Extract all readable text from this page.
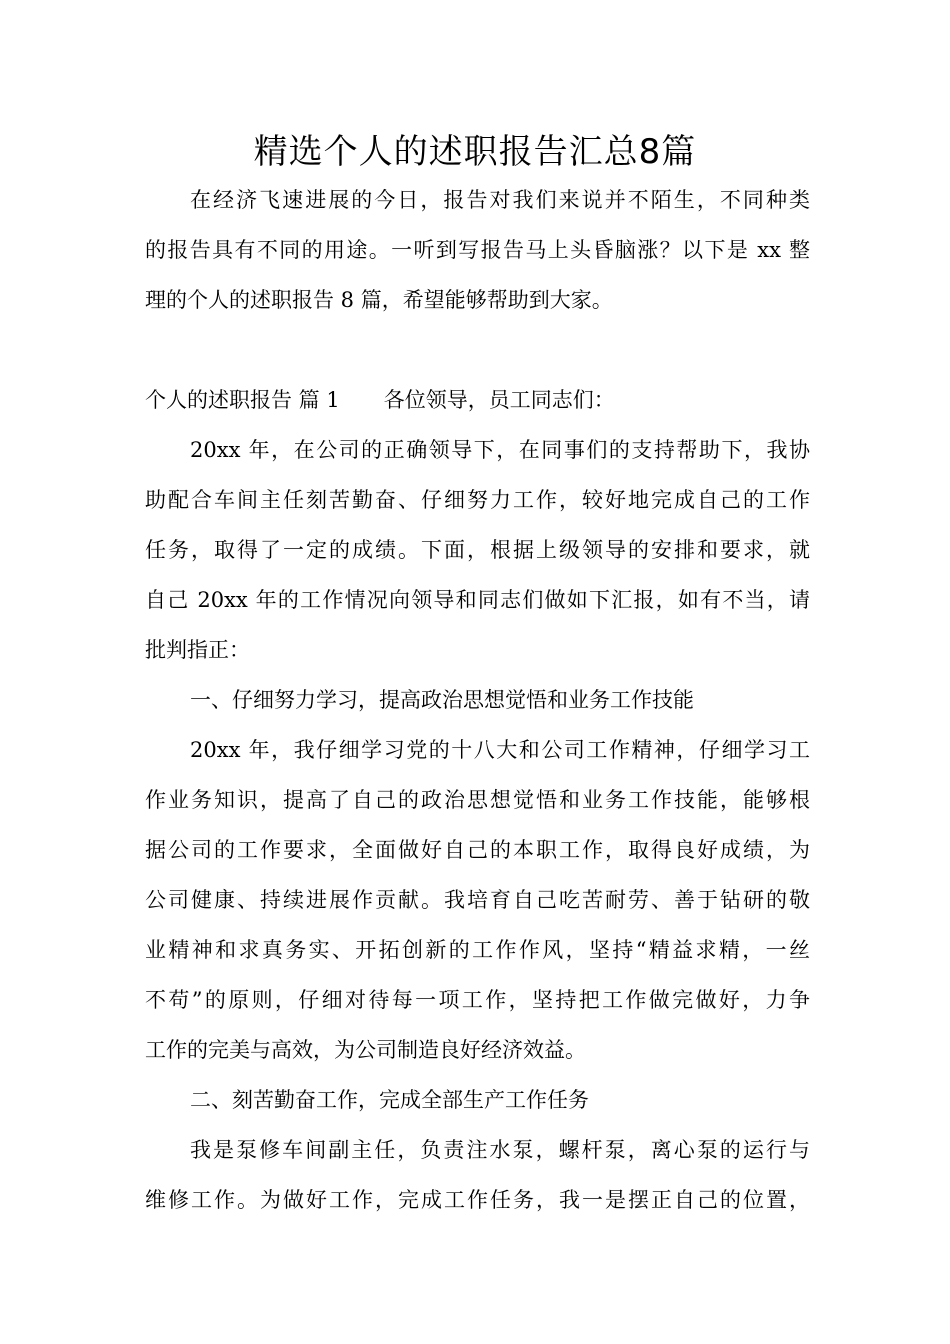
精选个人的述职报告汇总8篇
在经济飞速进展的今日，报告对我们来说并不陌生，不同种类
的报告具有不同的用途。一听到写报告马上头昏脑涨？以下是 xx 整
理的个人的述职报告 8 篇，希望能够帮助到大家。
个人的述职报告 篇 1 各位领导，员工同志们：
20xx 年，在公司的正确领导下，在同事们的支持帮助下，我协
助配合车间主任刻苦勤奋、仔细努力工作，较好地完成自己的工作
任务，取得了一定的成绩。下面，根据上级领导的安排和要求，就
自己 20xx 年的工作情况向领导和同志们做如下汇报，如有不当，请
批判指正：
一、仔细努力学习，提高政治思想觉悟和业务工作技能
20xx 年，我仔细学习党的十八大和公司工作精神，仔细学习工
作业务知识，提高了自己的政治思想觉悟和业务工作技能，能够根
据公司的工作要求，全面做好自己的本职工作，取得良好成绩，为
公司健康、持续进展作贡献。我培育自己吃苦耐劳、善于钻研的敬
业精神和求真务实、开拓创新的工作作风，坚持“精益求精，一丝
不苟”的原则，仔细对待每一项工作，坚持把工作做完做好，力争
工作的完美与高效，为公司制造良好经济效益。
二、刻苦勤奋工作，完成全部生产工作任务
我是泵修车间副主任，负责注水泵，螺杆泵，离心泵的运行与
维修工作。为做好工作，完成工作任务，我一是摆正自己的位置，
